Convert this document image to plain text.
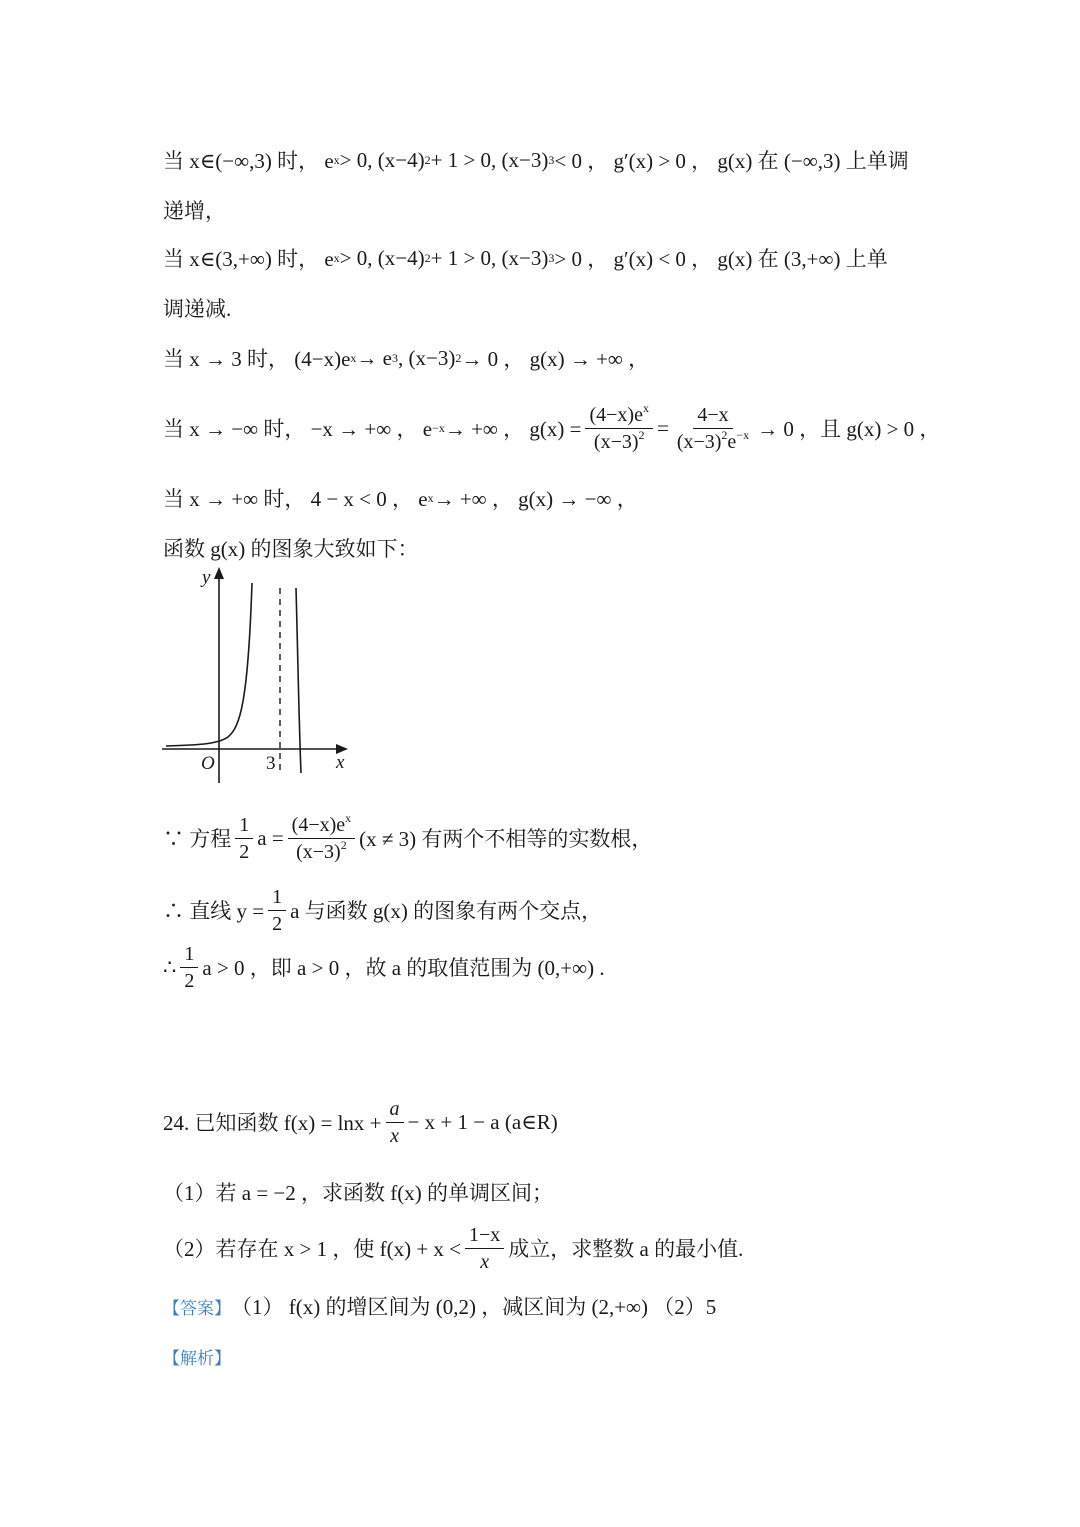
当 x∈(−∞,3) 时， e x > 0, (x−4) 2 + 1 > 0, (x−3) 3 < 0 ， g′(x) > 0 ， g(x) 在 (−∞,3) 上单调
递增，
当 x∈(3,+∞) 时， e x > 0, (x−4) 2 + 1 > 0, (x−3) 3 > 0 ， g′(x) < 0 ， g(x) 在 (3,+∞) 上单
调递减.
当 x → 3 时， (4−x)e x → e 3 , (x−3) 2 → 0 ， g(x) → +∞ ，
当 x → −∞ 时， −x → +∞ ， e −x → +∞ ， $g(x) = \frac{(4-x)e^x}{(x-3)^2} = \frac{4-x}{(x-3)^2e^{-x}} \to 0$ ，且 g(x) > 0 ，
当 x → +∞ 时， 4 − x < 0 ， e x → +∞ ， g(x) → −∞ ，
函数 g(x) 的图象大致如下：
y
x
O	3
∵ 方程 $\frac{1}{2}$ $a = \frac{(4-x)e^x}{(x-3)^2} (x \ne 3)$ 有两个不相等的实数根，
∴ 直线 $y = \frac{1}{2}$ a 与函数 g(x) 的图象有两个交点，
∴ $\frac{1}{2}$ a > 0 ，即 a > 0 ，故 a 的取值范围为 (0,+∞) .
24. 已知函数 $f(x) = \ln x + \frac{a}{x} - x + 1 - a$ (a∈R)
（1）若 a = −2 ，求函数 f(x) 的单调区间；
（2）若存在 x > 1 ，使 $f(x) + x < \frac{1-x}{x}$ 成立，求整数 a 的最小值.
【答案】 （1） f(x) 的增区间为 (0,2) ，减区间为 (2,+∞) （2）5
【解析】
